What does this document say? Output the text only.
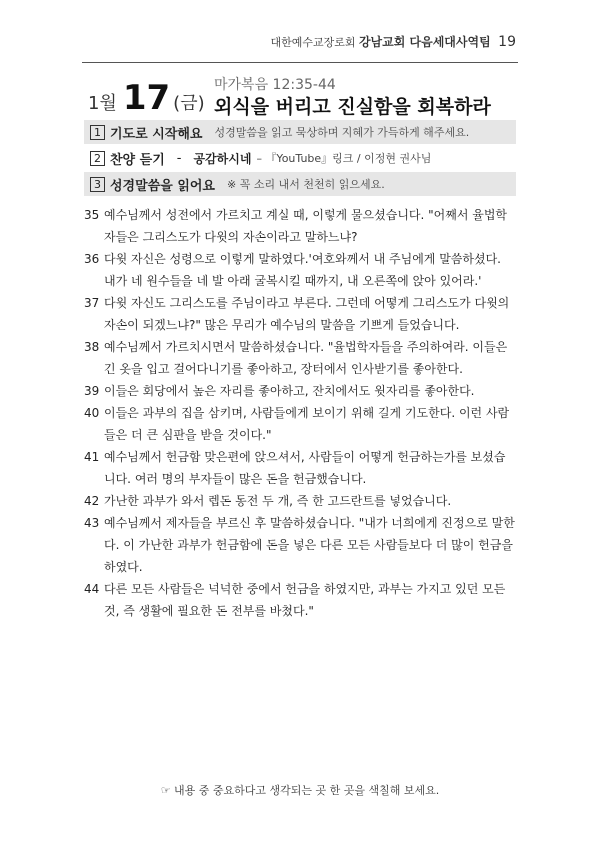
대한예수교장로회 강남교회 다음세대사역팀 19
1월 17 (금)
마가복음 12:35-44
외식을 버리고 진실함을 회복하라
1 기도로 시작해요 성경말씀을 읽고 묵상하며 지혜가 가득하게 해주세요.
2 찬양 듣기 - 공감하시네 – 『YouTube』링크 / 이정현 권사님
3 성경말씀을 읽어요 ※ 꼭 소리 내서 천천히 읽으세요.
35 예수님께서 성전에서 가르치고 계실 때, 이렇게 물으셨습니다. "어째서 율법학자들은 그리스도가 다윗의 자손이라고 말하느냐?
36 다윗 자신은 성령으로 이렇게 말하였다.'여호와께서 내 주님에게 말씀하셨다. 내가 네 원수들을 네 발 아래 굴복시킬 때까지, 내 오른쪽에 앉아 있어라.'
37 다윗 자신도 그리스도를 주님이라고 부른다. 그런데 어떻게 그리스도가 다윗의 자손이 되겠느냐?" 많은 무리가 예수님의 말씀을 기쁘게 들었습니다.
38 예수님께서 가르치시면서 말씀하셨습니다. "율법학자들을 주의하여라. 이들은 긴 옷을 입고 걸어다니기를 좋아하고, 장터에서 인사받기를 좋아한다.
39 이들은 회당에서 높은 자리를 좋아하고, 잔치에서도 윗자리를 좋아한다.
40 이들은 과부의 집을 삼키며, 사람들에게 보이기 위해 길게 기도한다. 이런 사람들은 더 큰 심판을 받을 것이다."
41 예수님께서 헌금함 맞은편에 앉으셔서, 사람들이 어떻게 헌금하는가를 보셨습니다. 여러 명의 부자들이 많은 돈을 헌금했습니다.
42 가난한 과부가 와서 렙돈 동전 두 개, 즉 한 고드란트를 넣었습니다.
43 예수님께서 제자들을 부르신 후 말씀하셨습니다. "내가 너희에게 진정으로 말한다. 이 가난한 과부가 헌금함에 돈을 넣은 다른 모든 사람들보다 더 많이 헌금을 하였다.
44 다른 모든 사람들은 넉넉한 중에서 헌금을 하였지만, 과부는 가지고 있던 모든 것, 즉 생활에 필요한 돈 전부를 바쳤다."
☞ 내용 중 중요하다고 생각되는 곳 한 곳을 색칠해 보세요.
